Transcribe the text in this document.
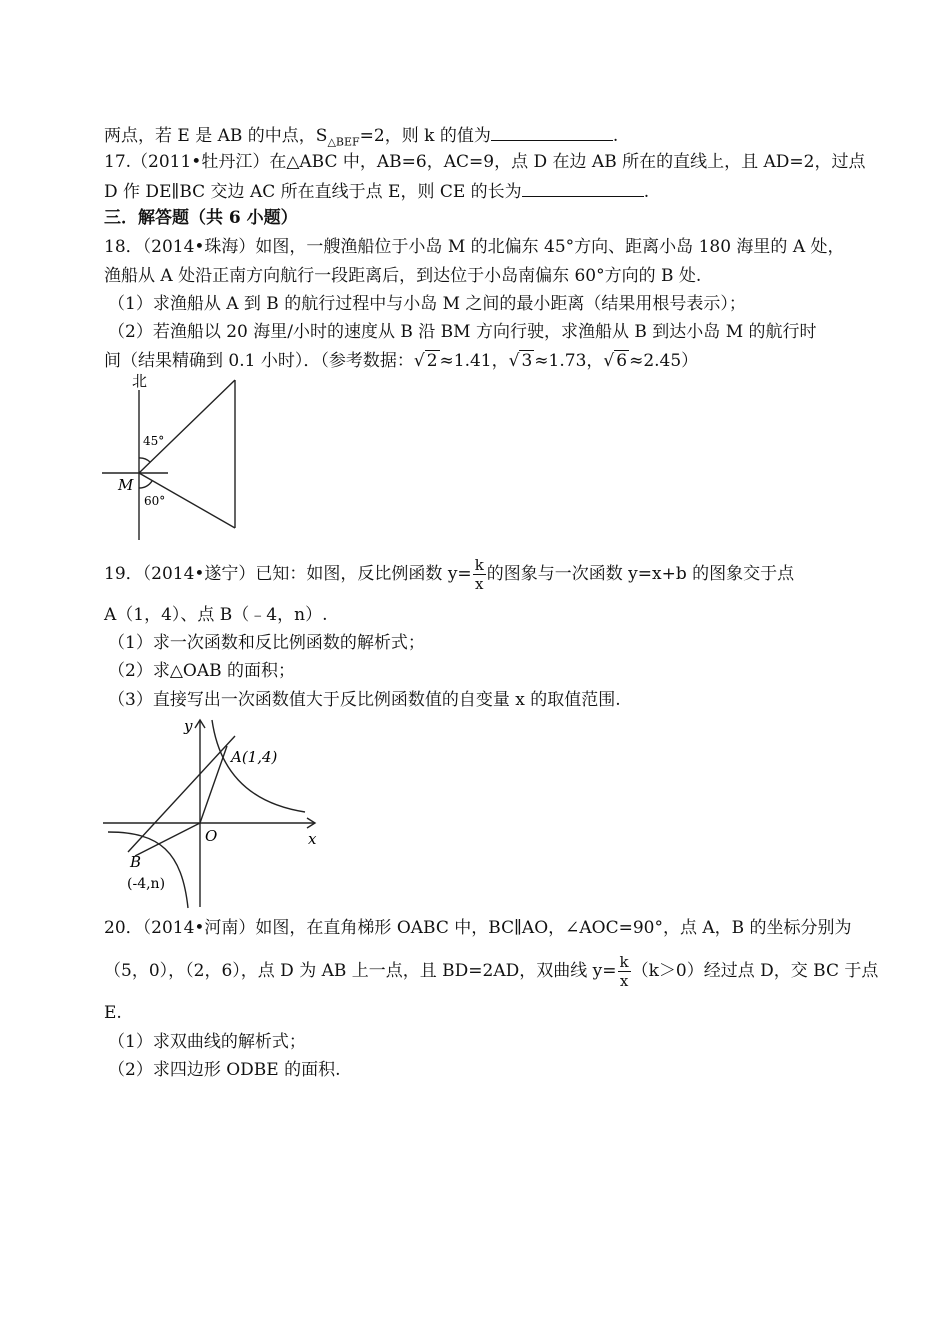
两点，若 E 是 AB 的中点，$S_{\triangle BEF}=2$，则 k 的值为	.
17.（2011•牡丹江）在△ABC 中，AB=6，AC=9，点 D 在边 AB 所在的直线上，且 AD=2，过点
D 作 DE∥BC 交边 AC 所在直线于点 E，则 CE 的长为	.
三．解答题（共 6 小题）
18．（2014•珠海）如图，一艘渔船位于小岛 M 的北偏东 45°方向、距离小岛 180 海里的 A 处，
渔船从 A 处沿正南方向航行一段距离后，到达位于小岛南偏东 60°方向的 B 处.
（1）求渔船从 A 到 B 的航行过程中与小岛 M 之间的最小距离（结果用根号表示）；
（2）若渔船以 20 海里/小时的速度从 B 沿 BM 方向行驶，求渔船从 B 到达小岛 M 的航行时
间（结果精确到 0.1 小时）．（参考数据：√ 2 ≈1.41，√ 3 ≈1.73，√ 6 ≈2.45）
北
45°
M
60°
19．（2014•遂宁）已知：如图，反比例函数 $y= \frac{k}{x}$ 的图象与一次函数 y=x+b 的图象交于点
A（1，4）、点 B（﹣4，n）.
（1）求一次函数和反比例函数的解析式；
（2）求△OAB 的面积；
（3）直接写出一次函数值大于反比例函数值的自变量 x 的取值范围.
y
x
O
A(1,4)
B
(-4,n)
20．（2014•河南）如图，在直角梯形 OABC 中，BC∥AO，∠AOC=90°，点 A，B 的坐标分别为
（5，0），（2，6），点 D 为 AB 上一点，且 BD=2AD，双曲线 $y= \frac{k}{x} (k>0)$经过点 D，交 BC 于点
E.
（1）求双曲线的解析式；
（2）求四边形 ODBE 的面积.
